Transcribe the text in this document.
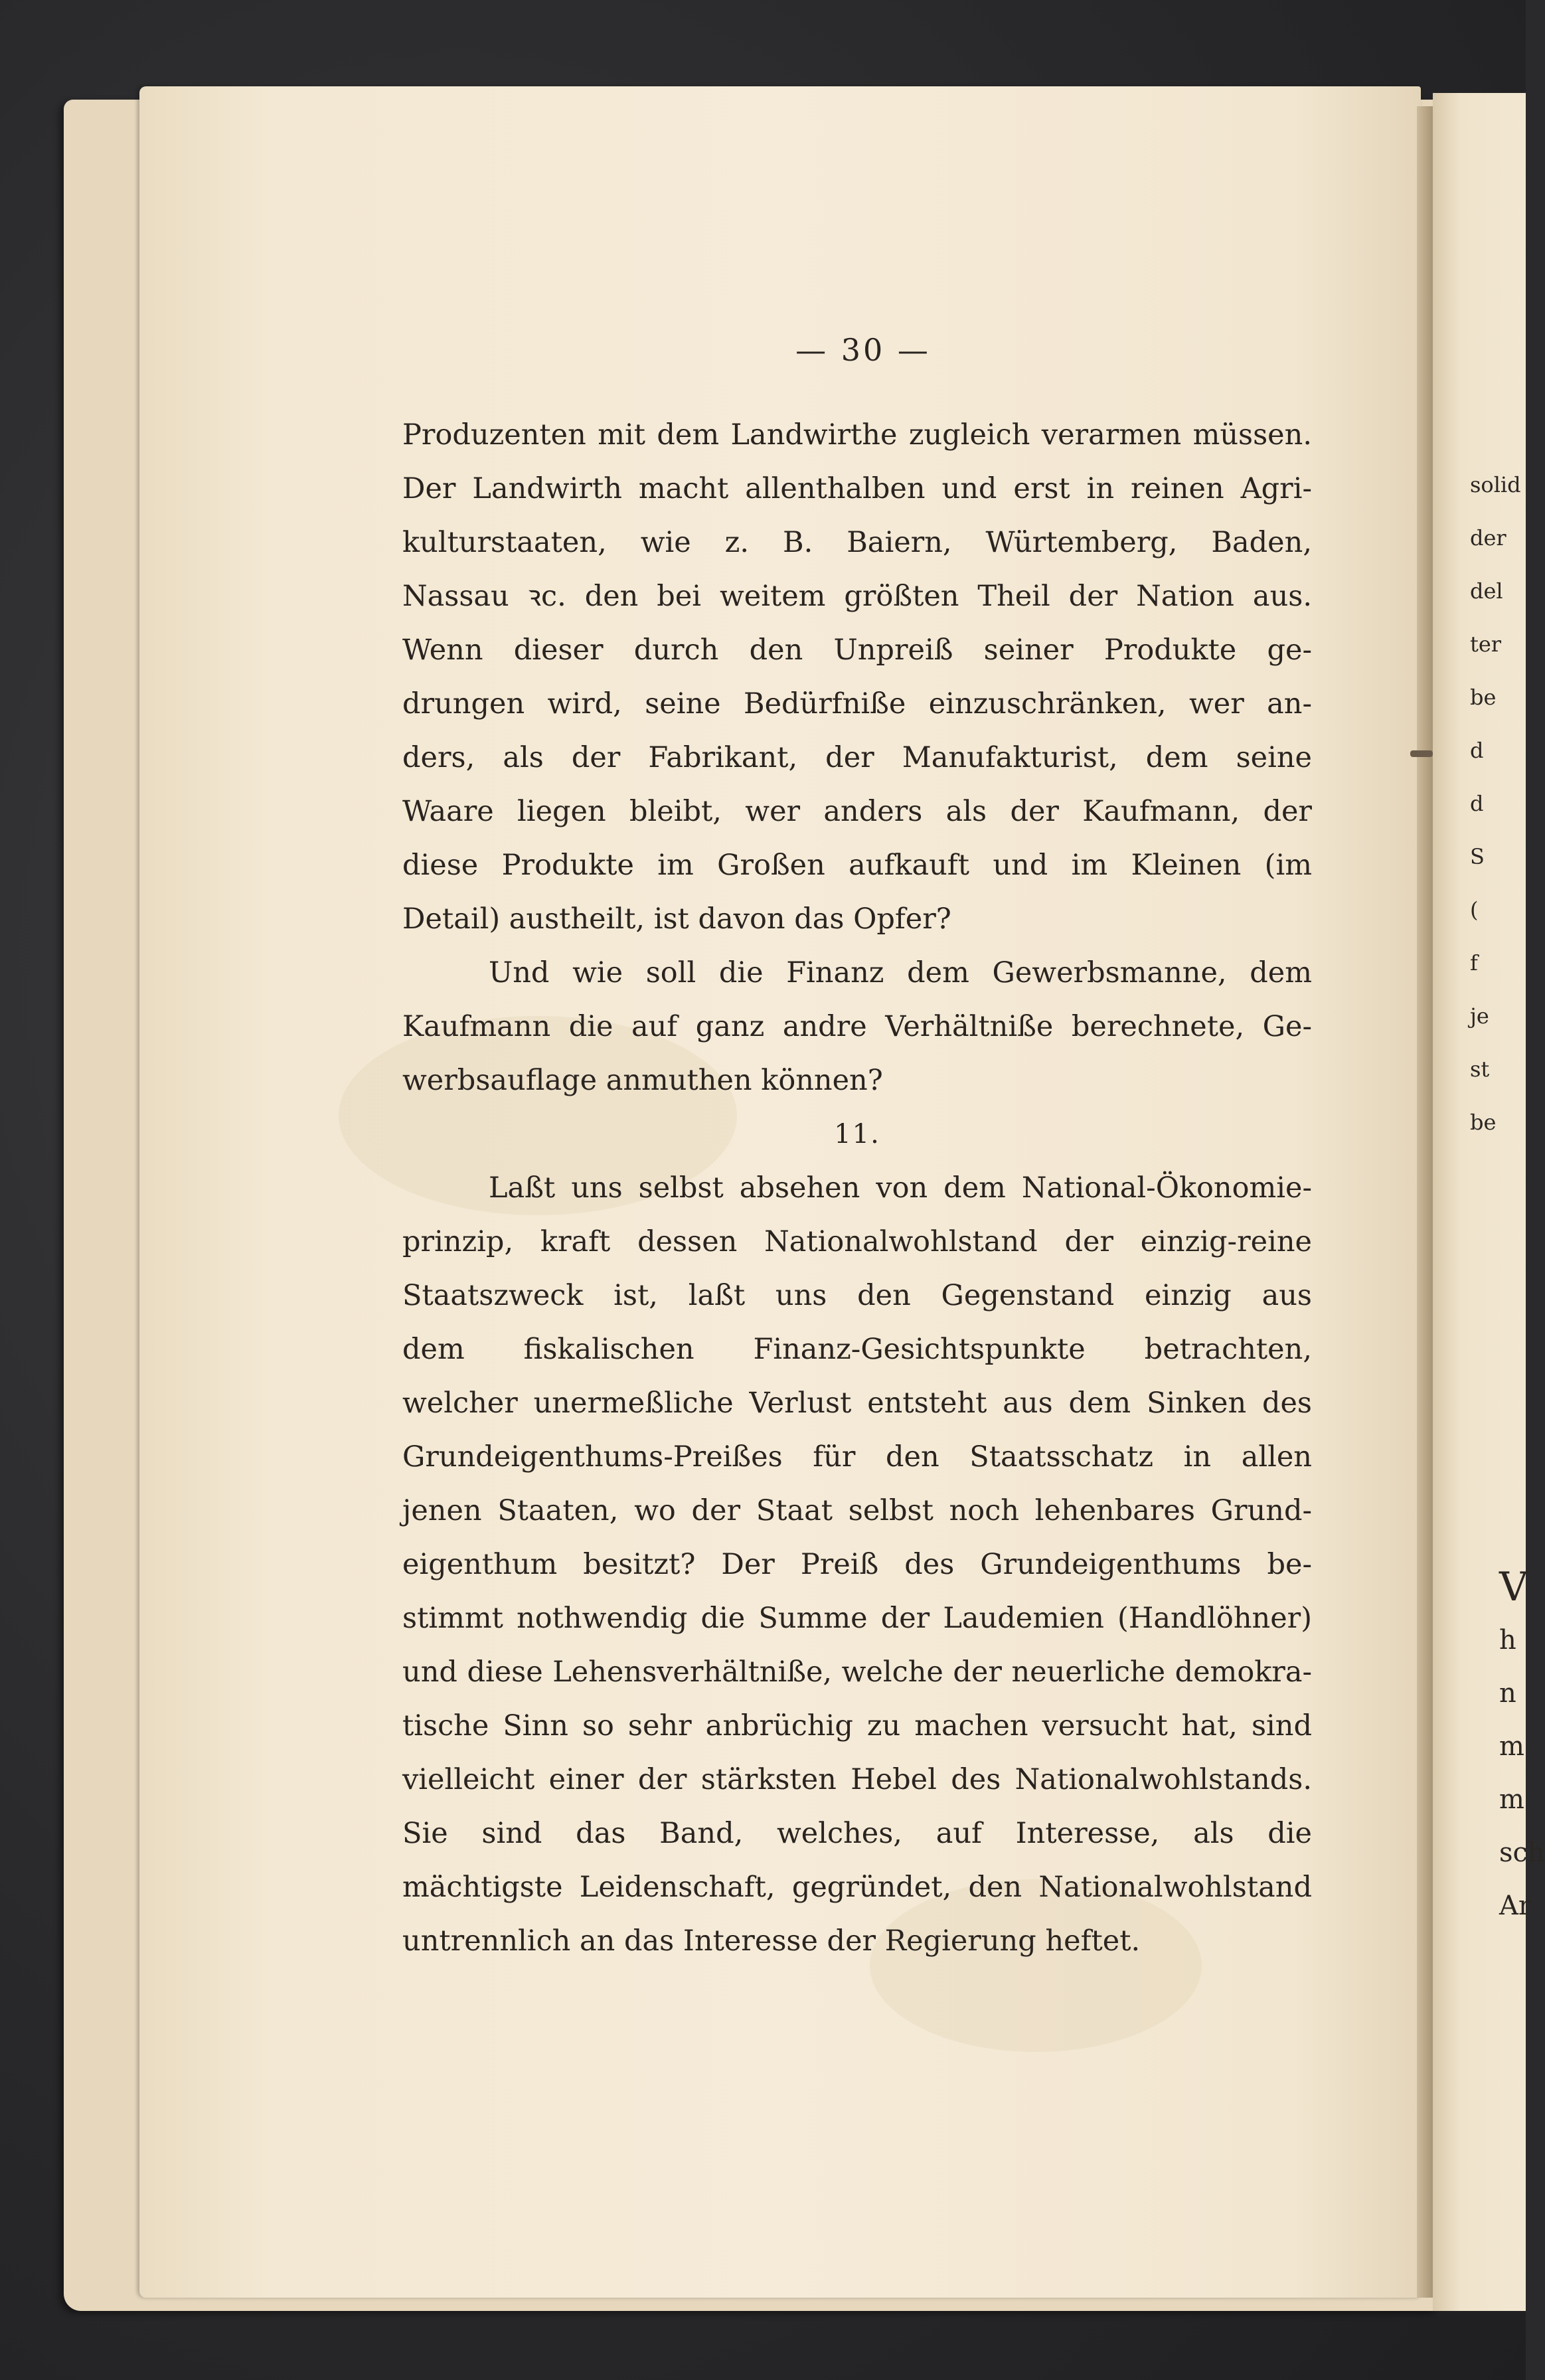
— 30 —
Produzenten mit dem Landwirthe zugleich verarmen müssen.
Der Landwirth macht allenthalben und erst in reinen Agri-
kulturstaaten, wie z. B. Baiern, Würtemberg, Baden,
Nassau ꝛc. den bei weitem größten Theil der Nation aus.
Wenn dieser durch den Unpreiß seiner Produkte ge-
drungen wird, seine Bedürfniße einzuschränken, wer an-
ders, als der Fabrikant, der Manufakturist, dem seine
Waare liegen bleibt, wer anders als der Kaufmann, der
diese Produkte im Großen aufkauft und im Kleinen (im
Detail) austheilt, ist davon das Opfer?
Und wie soll die Finanz dem Gewerbsmanne, dem
Kaufmann die auf ganz andre Verhältniße berechnete, Ge-
werbsauflage anmuthen können?
11.
Laßt uns selbst absehen von dem National-Ökonomie-
prinzip, kraft dessen Nationalwohlstand der einzig-reine
Staatszweck ist, laßt uns den Gegenstand einzig aus
dem fiskalischen Finanz-Gesichtspunkte betrachten,
welcher unermeßliche Verlust entsteht aus dem Sinken des
Grundeigenthums-Preißes für den Staatsschatz in allen
jenen Staaten, wo der Staat selbst noch lehenbares Grund-
eigenthum besitzt? Der Preiß des Grundeigenthums be-
stimmt nothwendig die Summe der Laudemien (Handlöhner)
und diese Lehensverhältniße, welche der neuerliche demokra-
tische Sinn so sehr anbrüchig zu machen versucht hat, sind
vielleicht einer der stärksten Hebel des Nationalwohlstands.
Sie sind das Band, welches, auf Interesse, als die
mächtigste Leidenschaft, gegründet, den Nationalwohlstand
untrennlich an das Interesse der Regierung heftet.
solid
der
del
ter
be
d
d
S
(
f
je
st
be
V
h
n
m
m
sch
Ar
